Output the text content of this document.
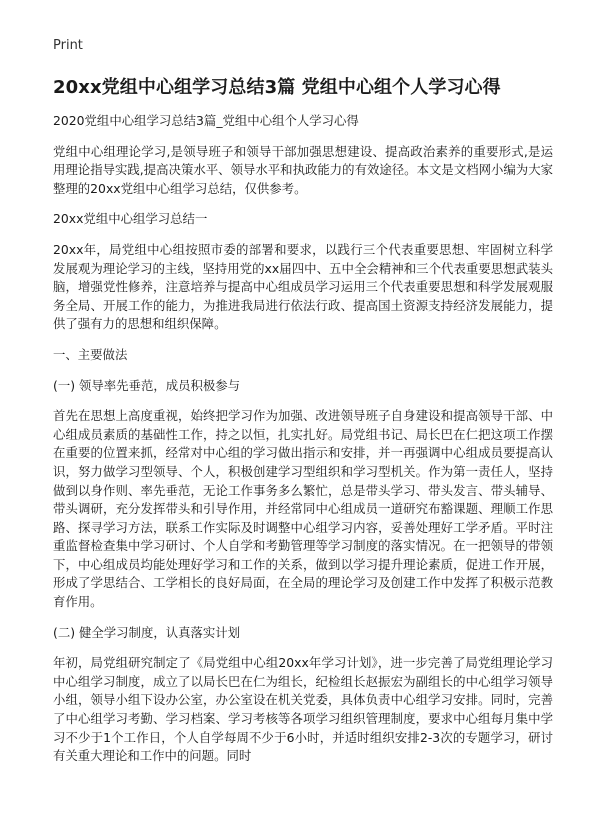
Print
20xx党组中心组学习总结3篇 党组中心组个人学习心得

2020党组中心组学习总结3篇_党组中心组个人学习心得

党组中心组理论学习,是领导班子和领导干部加强思想建设、提高政治素养的重要形式,是运用理论指导实践,提高决策水平、领导水平和执政能力的有效途径。本文是文档网小编为大家整理的20xx党组中心组学习总结，仅供参考。

20xx党组中心组学习总结一

20xx年，局党组中心组按照市委的部署和要求，以践行三个代表重要思想、牢固树立科学发展观为理论学习的主线，坚持用党的xx届四中、五中全会精神和三个代表重要思想武装头脑，增强党性修养，注意培养与提高中心组成员学习运用三个代表重要思想和科学发展观服务全局、开展工作的能力，为推进我局进行依法行政、提高国土资源支持经济发展能力，提供了强有力的思想和组织保障。

一、主要做法

(一) 领导率先垂范，成员积极参与

首先在思想上高度重视，始终把学习作为加强、改进领导班子自身建设和提高领导干部、中心组成员素质的基础性工作，持之以恒，扎实扎好。局党组书记、局长巴在仁把这项工作摆在重要的位置来抓，经常对中心组的学习做出指示和安排，并一再强调中心组成员要提高认识，努力做学习型领导、个人，积极创建学习型组织和学习型机关。作为第一责任人，坚持做到以身作则、率先垂范，无论工作事务多么繁忙，总是带头学习、带头发言、带头辅导、带头调研，充分发挥带头和引导作用，并经常同中心组成员一道研究布豁课题、理顺工作思路、探寻学习方法，联系工作实际及时调整中心组学习内容，妥善处理好工学矛盾。平时注重监督检查集中学习研讨、个人自学和考勤管理等学习制度的落实情况。在一把领导的带领下，中心组成员均能处理好学习和工作的关系，做到以学习提升理论素质，促进工作开展，形成了学思结合、工学相长的良好局面，在全局的理论学习及创建工作中发挥了积极示范教育作用。

(二) 健全学习制度，认真落实计划

年初，局党组研究制定了《局党组中心组20xx年学习计划》，进一步完善了局党组理论学习中心组学习制度，成立了以局长巴在仁为组长，纪检组长赵振宏为副组长的中心组学习领导小组，领导小组下设办公室，办公室设在机关党委，具体负责中心组学习安排。同时，完善了中心组学习考勤、学习档案、学习考核等各项学习组织管理制度，要求中心组每月集中学习不少于1个工作日，个人自学每周不少于6小时，并适时组织安排2-3次的专题学习，研讨有关重大理论和工作中的问题。同时
